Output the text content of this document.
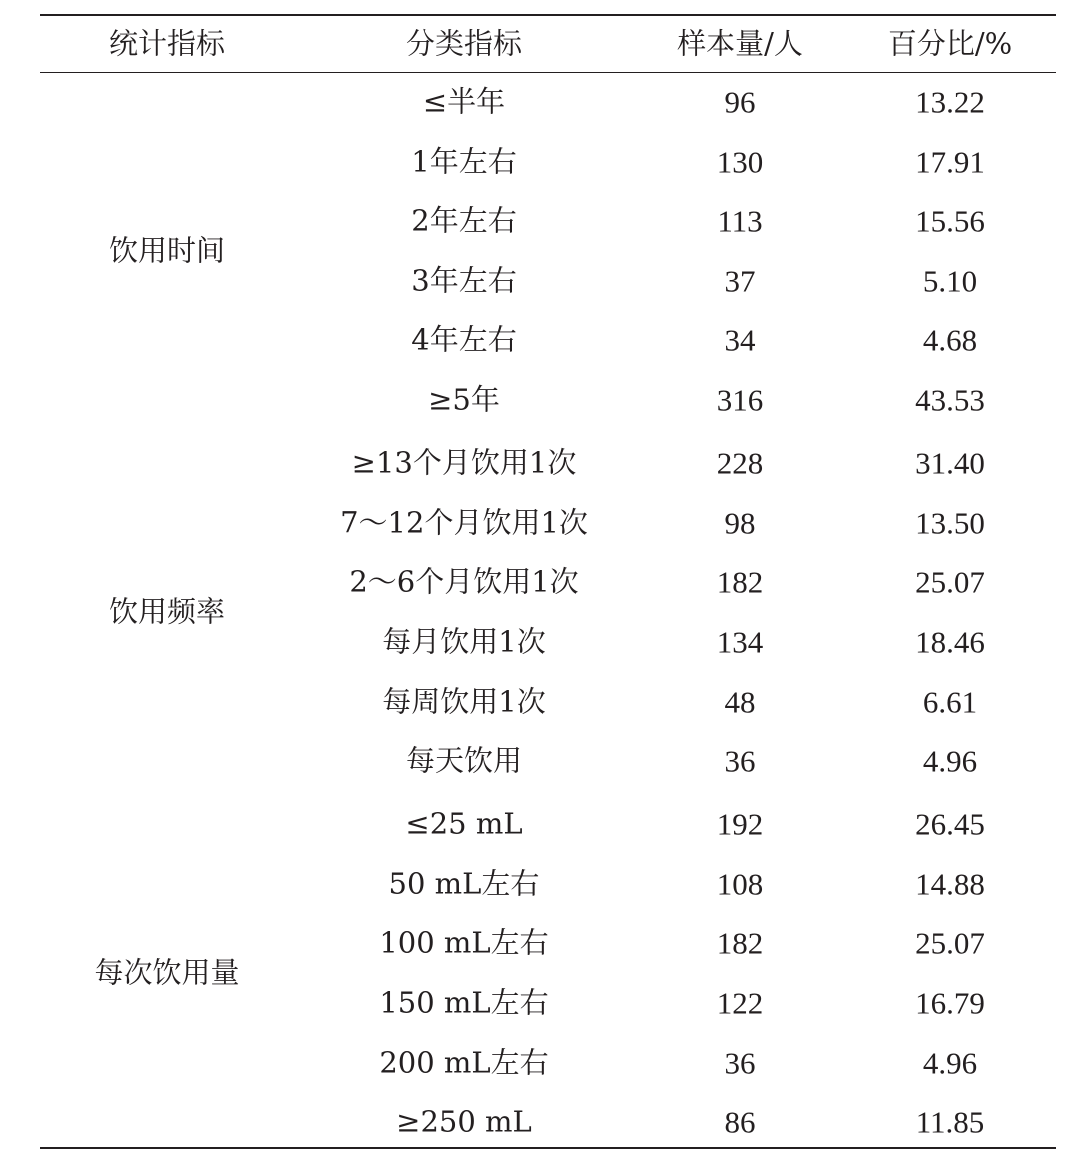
统计指标	分类指标	样本量/人	百分比/%
饮用时间
≤半年	96	13.22
1年左右	130	17.91
2年左右	113	15.56
3年左右	37	5.10
4年左右	34	4.68
≥5年	316	43.53
饮用频率
≥13个月饮用1次	228	31.40
7～12个月饮用1次	98	13.50
2～6个月饮用1次	182	25.07
每月饮用1次	134	18.46
每周饮用1次	48	6.61
每天饮用	36	4.96
每次饮用量
≤25 mL	192	26.45
50 mL左右	108	14.88
100 mL左右	182	25.07
150 mL左右	122	16.79
200 mL左右	36	4.96
≥250 mL	86	11.85
